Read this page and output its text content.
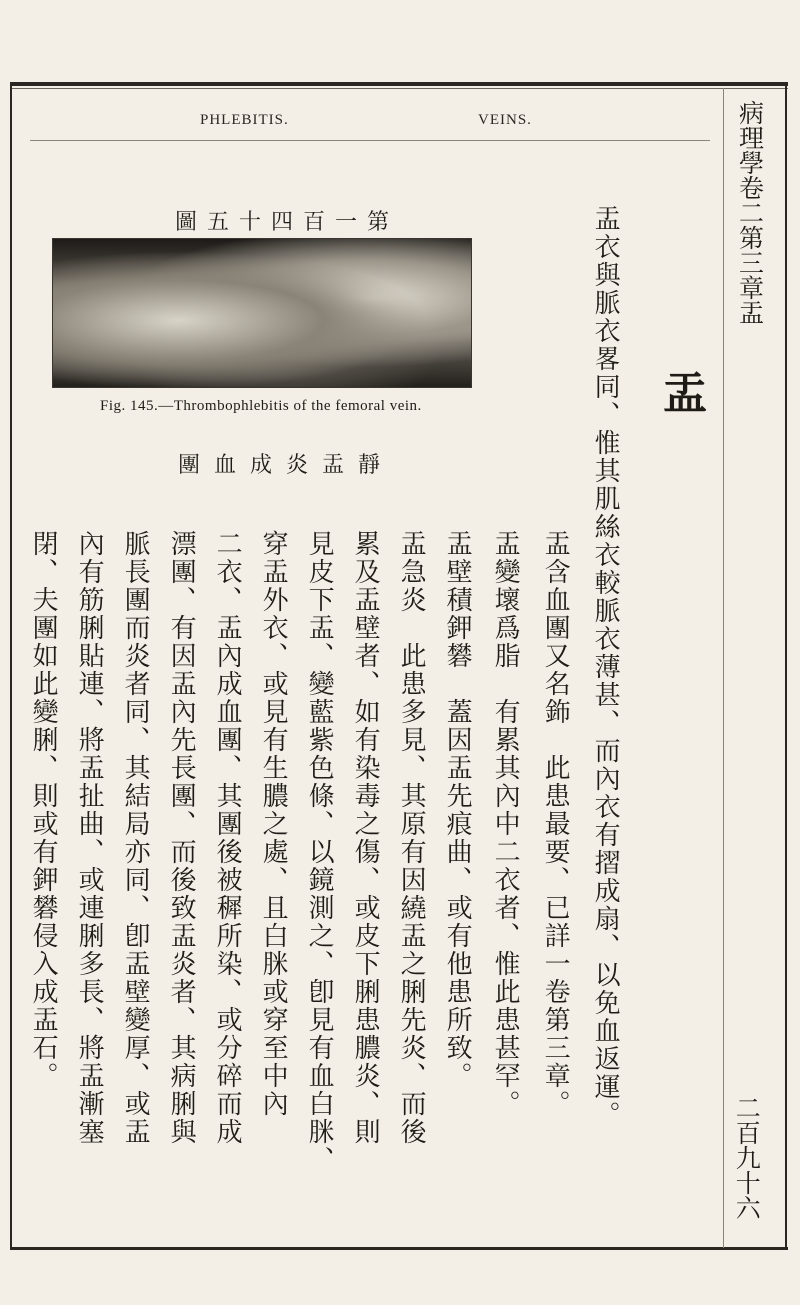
PHLEBITIS.	VEINS.
圖五十四百一第
Fig. 145.—Thrombophlebitis of the femoral vein.
團血成炎盂靜
盂
盂衣與脈衣畧同、惟其肌絲衣較脈衣薄甚、而內衣有摺成扇、以免血返運。
盂含血團又名鉓　此患最要、已詳一卷第三章。
盂變壞爲脂　有累其內中二衣者、惟此患甚罕。
盂壁積鉀礬　蓋因盂先痕曲、或有他患所致。
盂急炎　此患多見、其原有因繞盂之脷先炎、而後
累及盂壁者、如有染毒之傷、或皮下脷患膿炎、則
見皮下盂、變藍紫色條、以鏡測之、卽見有血白脒、
穿盂外衣、或見有生膿之處、且白脒或穿至中內
二衣、盂內成血團、其團後被穉所染、或分碎而成
漂團、有因盂內先長團、而後致盂炎者、其病脷與
脈長團而炎者同、其結局亦同、卽盂壁變厚、或盂
內有筋脷貼連、將盂扯曲、或連脷多長、將盂漸塞
閉、夫團如此變脷、則或有鉀礬侵入成盂石。
病理學卷二第三章盂
二百九十六
